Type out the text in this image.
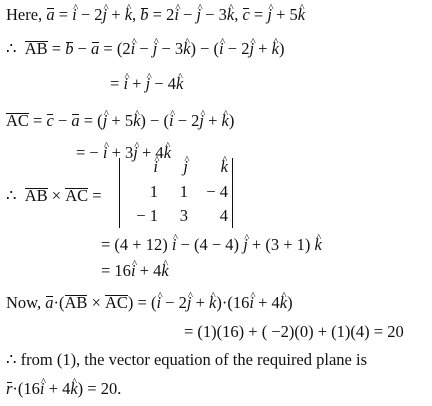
Here, a = ^ i − 2^ j + ^ k, b = 2^ i − ^ j − 3^ k, c = ^ j + 5^ k
∴ AB = b − a = (2^ i − ^ j − 3^ k) − (^ i − 2^ j + ^ k)
= ^ i + ^ j − 4^ k
AC = c − a = (^ j + 5^ k) − (^ i − 2^ j + ^ k)
= − ^ i + 3^ j + 4^ k
∴ AB × AC =
^ i	^ j	^ k
1	1	− 4
− 1	3	4
= (4 + 12) ^ i − (4 − 4) ^ j + (3 + 1) ^ k
= 16^ i + 4^ k
Now, a·(AB × AC) = (^ i − 2^ j + ^ k)·(16^ i + 4^ k)
= (1)(16) + ( −2)(0) + (1)(4) = 20
∴ from (1), the vector equation of the required plane is
r·(16^ i + 4^ k) = 20.
